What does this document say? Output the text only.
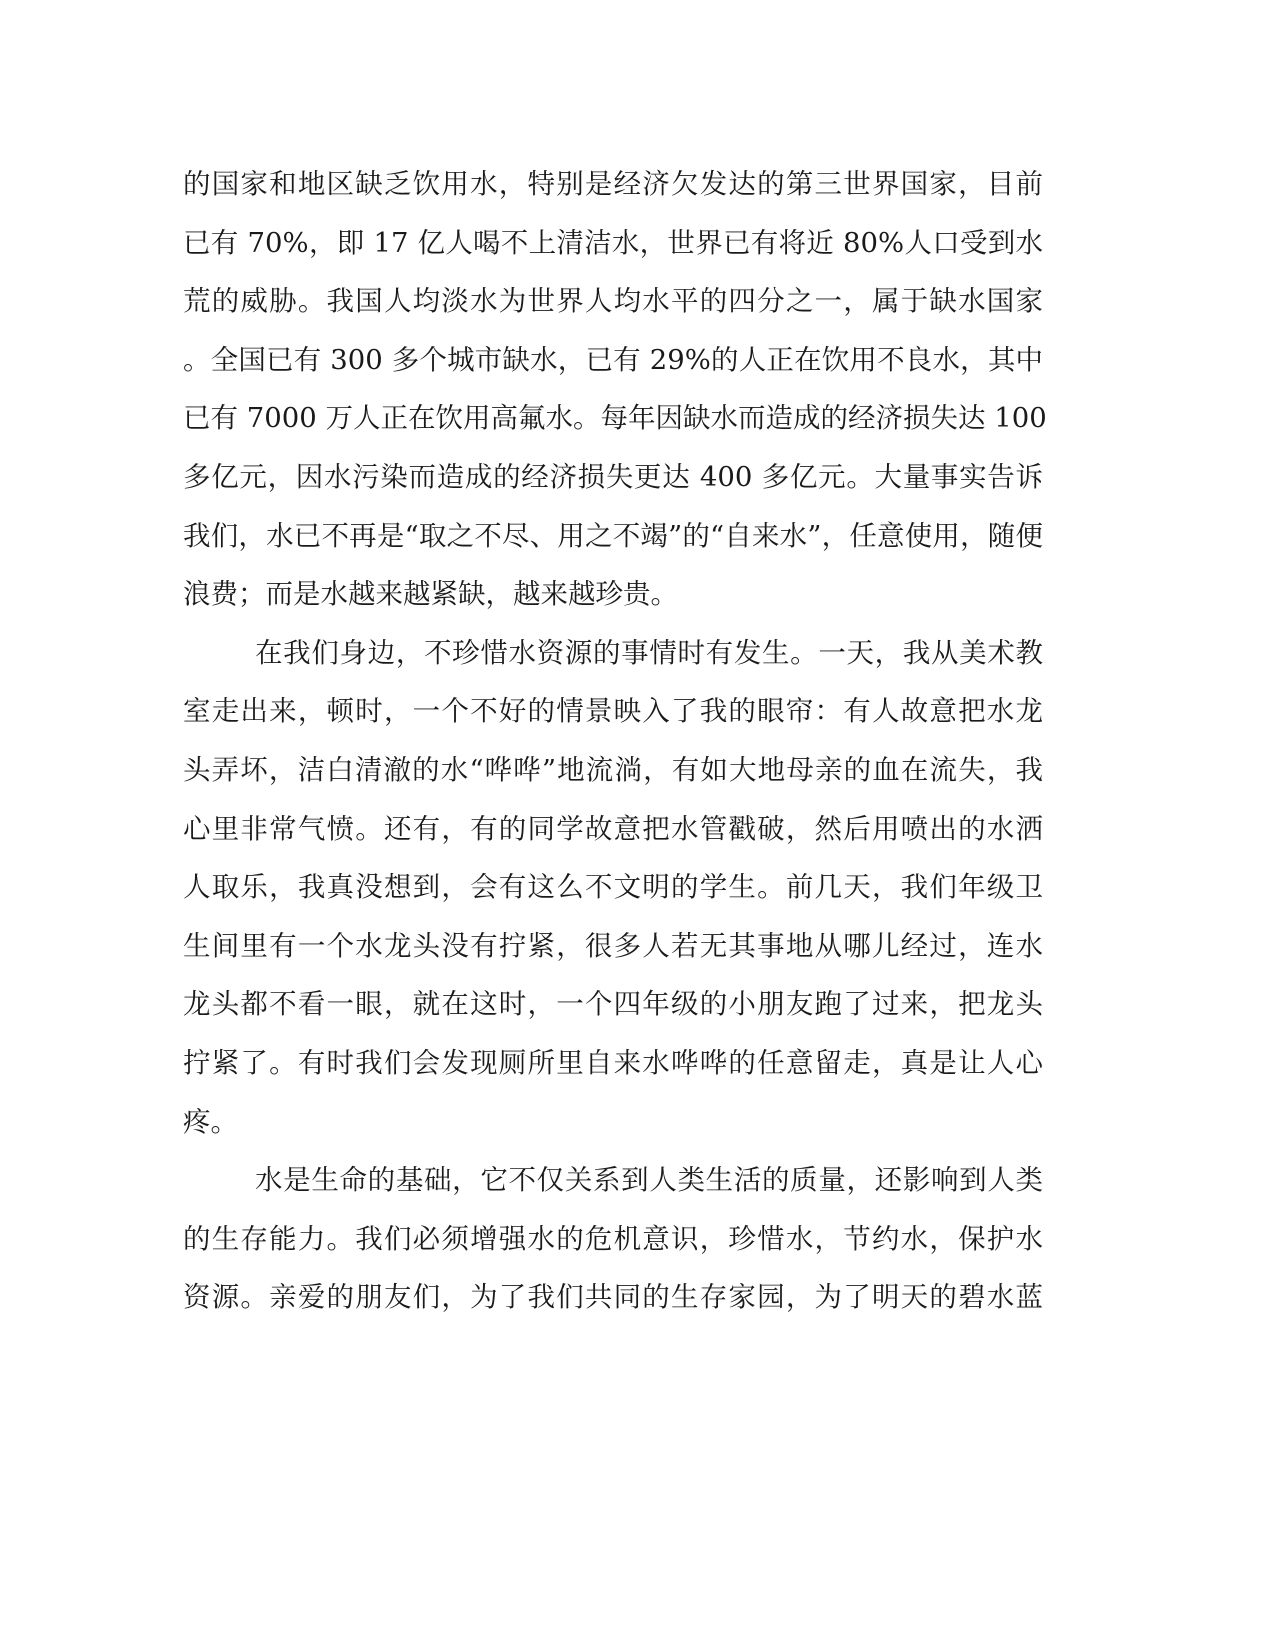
的国家和地区缺乏饮用水，特别是经济欠发达的第三世界国家，目前
已有 70%，即 17 亿人喝不上清洁水，世界已有将近 80%人口受到水
荒的威胁。我国人均淡水为世界人均水平的四分之一，属于缺水国家
。全国已有 300 多个城市缺水，已有 29%的人正在饮用不良水，其中
已有 7000 万人正在饮用高氟水。每年因缺水而造成的经济损失达 100
多亿元，因水污染而造成的经济损失更达 400 多亿元。大量事实告诉
我们，水已不再是“取之不尽、用之不竭”的“自来水”，任意使用，随便
浪费；而是水越来越紧缺，越来越珍贵。
在我们身边，不珍惜水资源的事情时有发生。一天，我从美术教
室走出来，顿时，一个不好的情景映入了我的眼帘：有人故意把水龙
头弄坏，洁白清澈的水“哗哗”地流淌，有如大地母亲的血在流失，我
心里非常气愤。还有，有的同学故意把水管戳破，然后用喷出的水洒
人取乐，我真没想到，会有这么不文明的学生。前几天，我们年级卫
生间里有一个水龙头没有拧紧，很多人若无其事地从哪儿经过，连水
龙头都不看一眼，就在这时，一个四年级的小朋友跑了过来，把龙头
拧紧了。有时我们会发现厕所里自来水哗哗的任意留走，真是让人心
疼。
水是生命的基础，它不仅关系到人类生活的质量，还影响到人类
的生存能力。我们必须增强水的危机意识，珍惜水，节约水，保护水
资源。亲爱的朋友们，为了我们共同的生存家园，为了明天的碧水蓝
